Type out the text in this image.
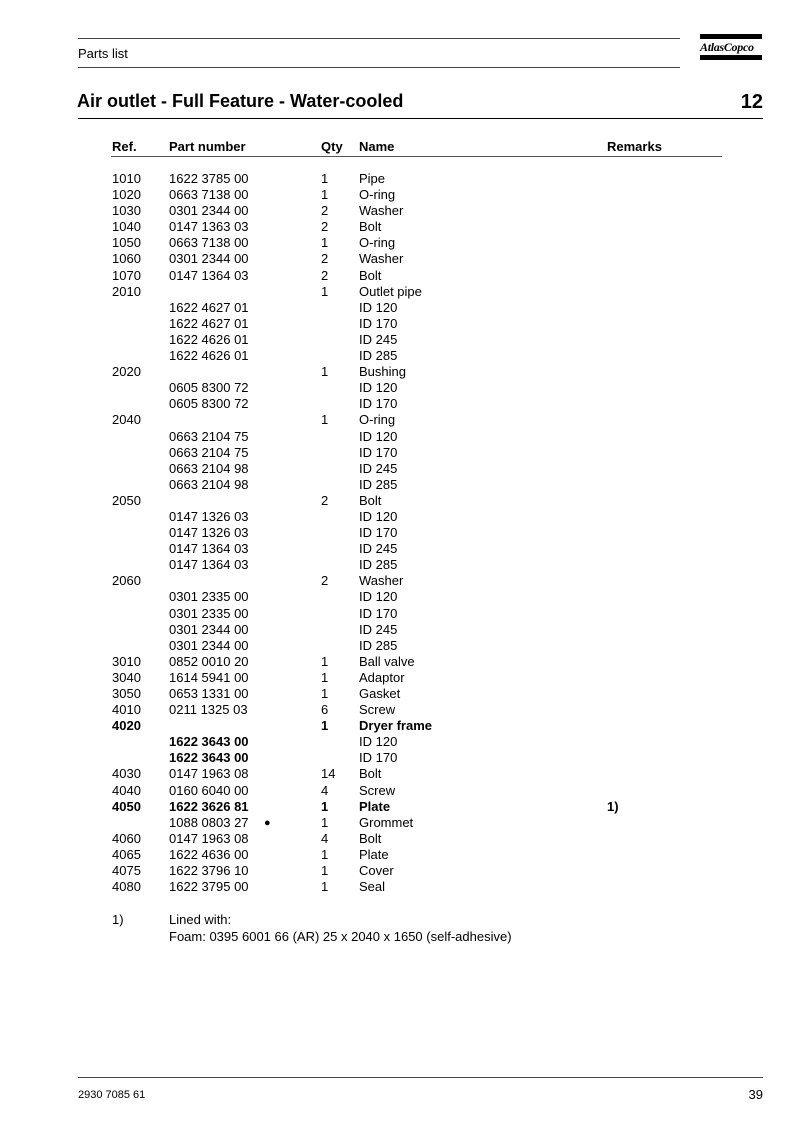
Parts list	AtlasCopco
Air outlet - Full Feature - Water-cooled	12
Ref. Part number	Qty Name	Remarks
1010 1622 3785 00	1 Pipe
1020 0663 7138 00	1 O-ring
1030 0301 2344 00	2 Washer
1040 0147 1363 03	2 Bolt
1050 0663 7138 00	1 O-ring
1060 0301 2344 00	2 Washer
1070 0147 1364 03	2 Bolt
2010	1 Outlet pipe
1622 4627 01	ID 120
1622 4627 01	ID 170
1622 4626 01	ID 245
1622 4626 01	ID 285
2020	1 Bushing
0605 8300 72	ID 120
0605 8300 72	ID 170
2040	1 O-ring
0663 2104 75	ID 120
0663 2104 75	ID 170
0663 2104 98	ID 245
0663 2104 98	ID 285
2050	2 Bolt
0147 1326 03	ID 120
0147 1326 03	ID 170
0147 1364 03	ID 245
0147 1364 03	ID 285
2060	2 Washer
0301 2335 00	ID 120
0301 2335 00	ID 170
0301 2344 00	ID 245
0301 2344 00	ID 285
3010 0852 0010 20	1 Ball valve
3040 1614 5941 00	1 Adaptor
3050 0653 1331 00	1 Gasket
4010 0211 1325 03	6 Screw
4020	1 Dryer frame
1622 3643 00	ID 120
1622 3643 00	ID 170
4030 0147 1963 08	14 Bolt
4040 0160 6040 00	4 Screw
4050 1622 3626 81	1 Plate	1)
1088 0803 27	1 Grommet
●
4060 0147 1963 08	4 Bolt
4065 1622 4636 00	1 Plate
4075 1622 3796 10	1 Cover
4080 1622 3795 00	1 Seal
1)	Lined with:
Foam: 0395 6001 66 (AR) 25 x 2040 x 1650 (self-adhesive)
2930 7085 61	39
